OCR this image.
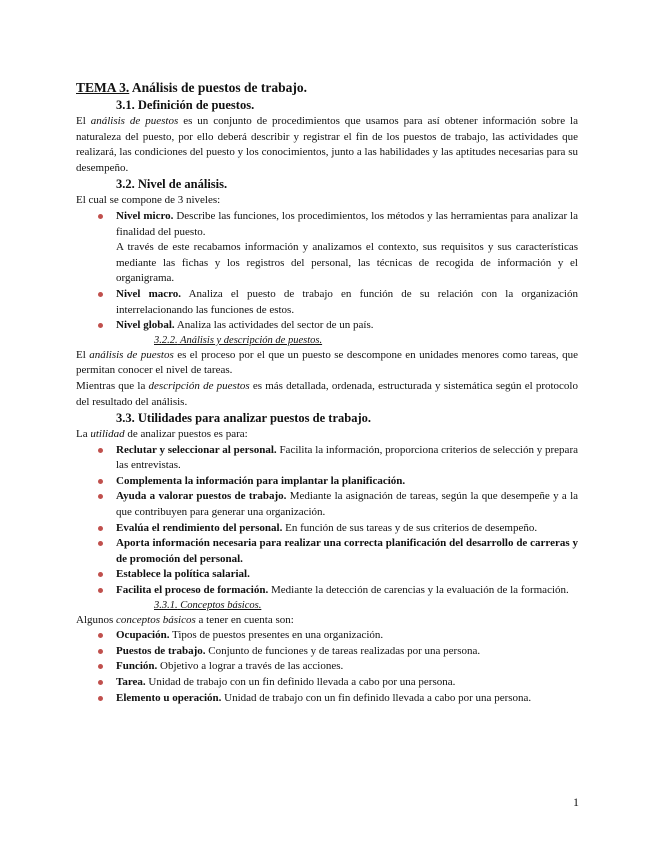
TEMA 3. Análisis de puestos de trabajo.
3.1. Definición de puestos.

El análisis de puestos es un conjunto de procedimientos que usamos para así obtener información sobre la naturaleza del puesto, por ello deberá describir y registrar el fin de los puestos de trabajo, las actividades que realizará, las condiciones del puesto y los conocimientos, junto a las habilidades y las aptitudes necesarias para su desempeño.

3.2. Nivel de análisis.

El cual se compone de 3 niveles:

Nivel micro. Describe las funciones, los procedimientos, los métodos y las herramientas para analizar la finalidad del puesto.

A través de este recabamos información y analizamos el contexto, sus requisitos y sus características mediante las fichas y los registros del personal, las técnicas de recogida de información y el organigrama.

Nivel macro. Analiza el puesto de trabajo en función de su relación con la organización interrelacionando las funciones de estos.
Nivel global. Analiza las actividades del sector de un país.
3.2.2. Análisis y descripción de puestos.

El análisis de puestos es el proceso por el que un puesto se descompone en unidades menores como tareas, que permitan conocer el nivel de tareas.

Mientras que la descripción de puestos es más detallada, ordenada, estructurada y sistemática según el protocolo del resultado del análisis.

3.3. Utilidades para analizar puestos de trabajo.

La utilidad de analizar puestos es para:

Reclutar y seleccionar al personal. Facilita la información, proporciona criterios de selección y prepara las entrevistas.
Complementa la información para implantar la planificación.
Ayuda a valorar puestos de trabajo. Mediante la asignación de tareas, según la que desempeñe y a la que contribuyen para generar una organización.
Evalúa el rendimiento del personal. En función de sus tareas y de sus criterios de desempeño.
Aporta información necesaria para realizar una correcta planificación del desarrollo de carreras y de promoción del personal.
Establece la política salarial.
Facilita el proceso de formación. Mediante la detección de carencias y la evaluación de la formación.
3.3.1. Conceptos básicos.

Algunos conceptos básicos a tener en cuenta son:

Ocupación. Tipos de puestos presentes en una organización.
Puestos de trabajo. Conjunto de funciones y de tareas realizadas por una persona.
Función. Objetivo a lograr a través de las acciones.
Tarea. Unidad de trabajo con un fin definido llevada a cabo por una persona.
Elemento u operación. Unidad de trabajo con un fin definido llevada a cabo por una persona.
1
